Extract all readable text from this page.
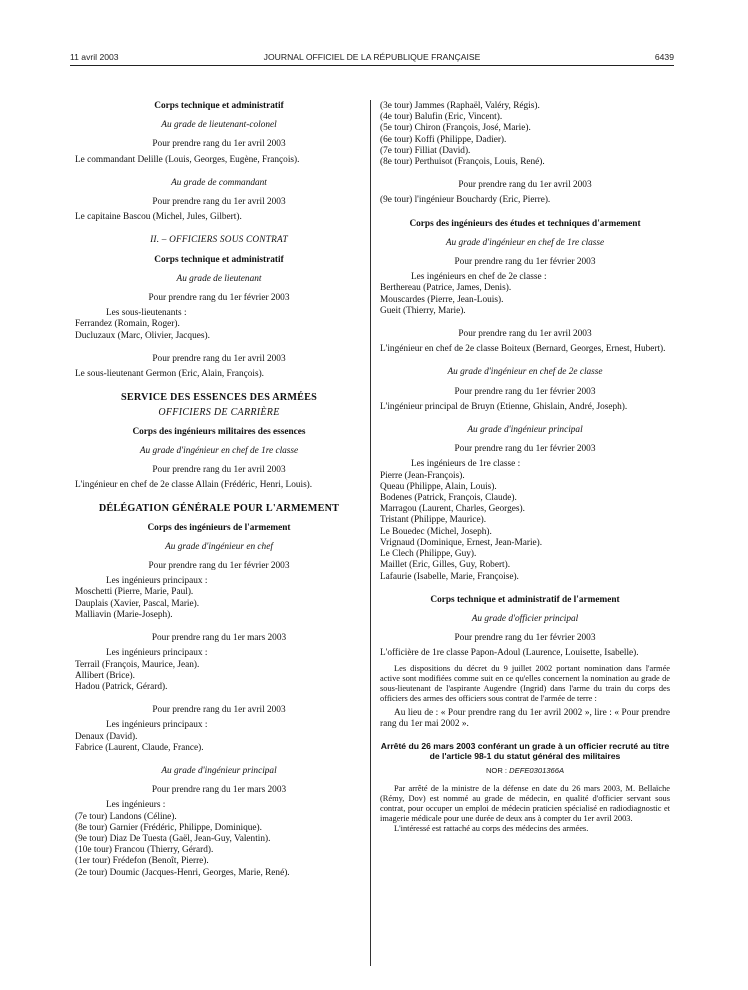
11 avril 2003	JOURNAL OFFICIEL DE LA RÉPUBLIQUE FRANÇAISE	6439
Corps technique et administratif
Au grade de lieutenant-colonel
Pour prendre rang du 1er avril 2003
Le commandant Delille (Louis, Georges, Eugène, François).
Au grade de commandant
Pour prendre rang du 1er avril 2003
Le capitaine Bascou (Michel, Jules, Gilbert).
II. – OFFICIERS SOUS CONTRAT
Corps technique et administratif
Au grade de lieutenant
Pour prendre rang du 1er février 2003
Les sous-lieutenants :
Ferrandez (Romain, Roger).
Ducluzaux (Marc, Olivier, Jacques).
Pour prendre rang du 1er avril 2003
Le sous-lieutenant Germon (Eric, Alain, François).
SERVICE DES ESSENCES DES ARMÉES
OFFICIERS DE CARRIÈRE
Corps des ingénieurs militaires des essences
Au grade d'ingénieur en chef de 1re classe
Pour prendre rang du 1er avril 2003
L'ingénieur en chef de 2e classe Allain (Frédéric, Henri, Louis).
DÉLÉGATION GÉNÉRALE POUR L'ARMEMENT
Corps des ingénieurs de l'armement
Au grade d'ingénieur en chef
Pour prendre rang du 1er février 2003
Les ingénieurs principaux :
Moschetti (Pierre, Marie, Paul).
Dauplais (Xavier, Pascal, Marie).
Malliavin (Marie-Joseph).
Pour prendre rang du 1er mars 2003
Les ingénieurs principaux :
Terrail (François, Maurice, Jean).
Allibert (Brice).
Hadou (Patrick, Gérard).
Pour prendre rang du 1er avril 2003
Les ingénieurs principaux :
Denaux (David).
Fabrice (Laurent, Claude, France).
Au grade d'ingénieur principal
Pour prendre rang du 1er mars 2003
Les ingénieurs :
(7e tour) Landons (Céline).
(8e tour) Garnier (Frédéric, Philippe, Dominique).
(9e tour) Diaz De Tuesta (Gaël, Jean-Guy, Valentin).
(10e tour) Francou (Thierry, Gérard).
(1er tour) Frédefon (Benoît, Pierre).
(2e tour) Doumic (Jacques-Henri, Georges, Marie, René).
(3e tour) Jammes (Raphaël, Valéry, Régis).
(4e tour) Balufin (Eric, Vincent).
(5e tour) Chiron (François, José, Marie).
(6e tour) Koffi (Philippe, Dadier).
(7e tour) Filliat (David).
(8e tour) Perthuisot (François, Louis, René).
Pour prendre rang du 1er avril 2003
(9e tour) l'ingénieur Bouchardy (Eric, Pierre).
Corps des ingénieurs des études et techniques d'armement
Au grade d'ingénieur en chef de 1re classe
Pour prendre rang du 1er février 2003
Les ingénieurs en chef de 2e classe :
Berthereau (Patrice, James, Denis).
Mouscardes (Pierre, Jean-Louis).
Gueit (Thierry, Marie).
Pour prendre rang du 1er avril 2003
L'ingénieur en chef de 2e classe Boiteux (Bernard, Georges, Ernest, Hubert).
Au grade d'ingénieur en chef de 2e classe
Pour prendre rang du 1er février 2003
L'ingénieur principal de Bruyn (Etienne, Ghislain, André, Joseph).
Au grade d'ingénieur principal
Pour prendre rang du 1er février 2003
Les ingénieurs de 1re classe :
Pierre (Jean-François).
Queau (Philippe, Alain, Louis).
Bodenes (Patrick, François, Claude).
Marragou (Laurent, Charles, Georges).
Tristant (Philippe, Maurice).
Le Bouedec (Michel, Joseph).
Vrignaud (Dominique, Ernest, Jean-Marie).
Le Clech (Philippe, Guy).
Maillet (Eric, Gilles, Guy, Robert).
Lafaurie (Isabelle, Marie, Françoise).
Corps technique et administratif de l'armement
Au grade d'officier principal
Pour prendre rang du 1er février 2003
L'officière de 1re classe Papon-Adoul (Laurence, Louisette, Isabelle).
Les dispositions du décret du 9 juillet 2002 portant nomination dans l'armée active sont modifiées comme suit en ce qu'elles concernent la nomination au grade de sous-lieutenant de l'aspirante Augendre (Ingrid) dans l'arme du train du corps des officiers des armes des officiers sous contrat de l'armée de terre :
Au lieu de : « Pour prendre rang du 1er avril 2002 », lire : « Pour prendre rang du 1er mai 2002 ».
Arrêté du 26 mars 2003 conférant un grade à un officier recruté au titre de l'article 98-1 du statut général des militaires
NOR : DEFE0301366A
Par arrêté de la ministre de la défense en date du 26 mars 2003, M. Bellaïche (Rémy, Dov) est nommé au grade de médecin, en qualité d'officier servant sous contrat, pour occuper un emploi de médecin praticien spécialisé en radiodiagnostic et imagerie médicale pour une durée de deux ans à compter du 1er avril 2003.
L'intéressé est rattaché au corps des médecins des armées.
